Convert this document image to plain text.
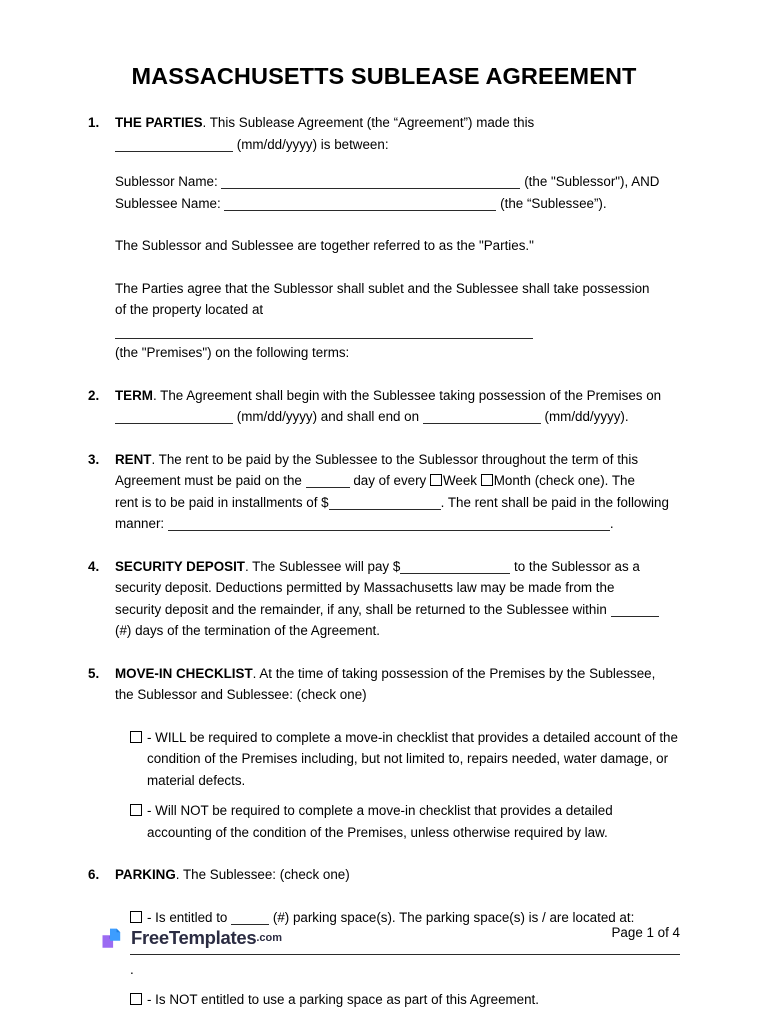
MASSACHUSETTS SUBLEASE AGREEMENT
1. THE PARTIES. This Sublease Agreement (the “Agreement”) made this
(mm/dd/yyyy) is between:
Sublessor Name:	(the "Sublessor"), AND
Sublessee Name:	(the “Sublessee”).
The Sublessor and Sublessee are together referred to as the "Parties."
The Parties agree that the Sublessor shall sublet and the Sublessee shall take possession
of the property located at
(the "Premises") on the following terms:
2. TERM. The Agreement shall begin with the Sublessee taking possession of the Premises on
(mm/dd/yyyy) and shall end on	(mm/dd/yyyy).
3. RENT. The rent to be paid by the Sublessee to the Sublessor throughout the term of this
Agreement must be paid on the	day of every Week Month (check one). The
rent is to be paid in installments of $	. The rent shall be paid in the following
manner:	.
4. SECURITY DEPOSIT. The Sublessee will pay $	to the Sublessor as a
security deposit. Deductions permitted by Massachusetts law may be made from the
security deposit and the remainder, if any, shall be returned to the Sublessee within
(#) days of the termination of the Agreement.
5. MOVE-IN CHECKLIST. At the time of taking possession of the Premises by the Sublessee,
the Sublessor and Sublessee: (check one)
- WILL be required to complete a move-in checklist that provides a detailed account of the condition of the Premises including, but not limited to, repairs needed, water damage, or material defects.
- Will NOT be required to complete a move-in checklist that provides a detailed accounting of the condition of the Premises, unless otherwise required by law.
6. PARKING. The Sublessee: (check one)
- Is entitled to	(#) parking space(s). The parking space(s) is / are located at:
.
- Is NOT entitled to use a parking space as part of this Agreement.
FreeTemplates .com	Page 1 of 4
